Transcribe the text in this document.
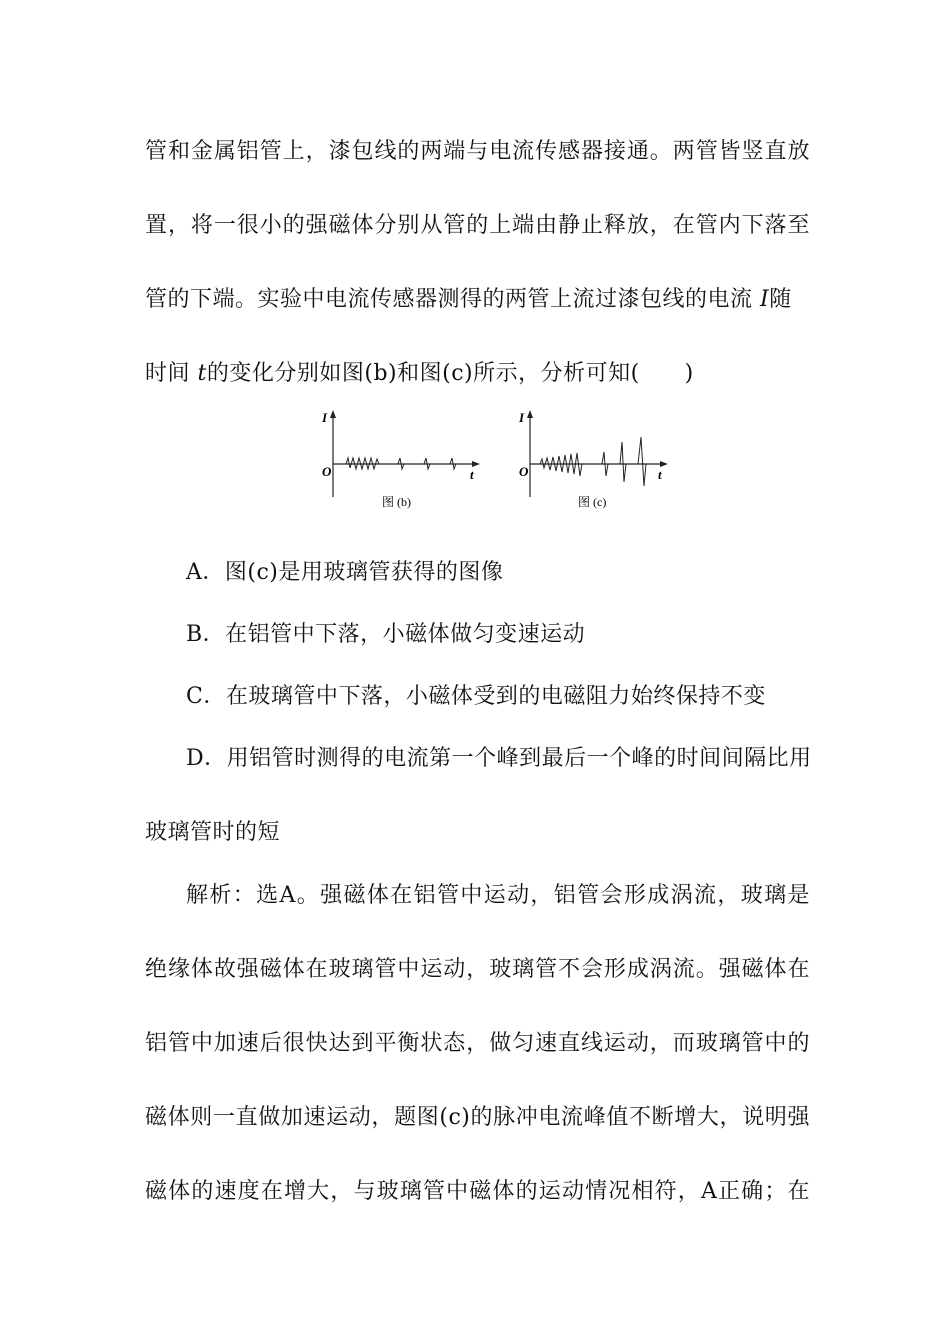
管和金属铝管上，漆包线的两端与电流传感器接通。两管皆竖直放
置，将一很小的强磁体分别从管的上端由静止释放，在管内下落至
管的下端。实验中电流传感器测得的两管上流过漆包线的电流 I随
时间 t的变化分别如图(b)和图(c)所示，分析可知(　　)
I
t
O
图 (b)
I
t
O
图 (c)
A．图(c)是用玻璃管获得的图像
B．在铝管中下落，小磁体做匀变速运动
C．在玻璃管中下落，小磁体受到的电磁阻力始终保持不变
D．用铝管时测得的电流第一个峰到最后一个峰的时间间隔比用
玻璃管时的短
解析：选A。强磁体在铝管中运动，铝管会形成涡流，玻璃是
绝缘体故强磁体在玻璃管中运动，玻璃管不会形成涡流。强磁体在
铝管中加速后很快达到平衡状态，做匀速直线运动，而玻璃管中的
磁体则一直做加速运动，题图(c)的脉冲电流峰值不断增大，说明强
磁体的速度在增大，与玻璃管中磁体的运动情况相符，A正确；在
